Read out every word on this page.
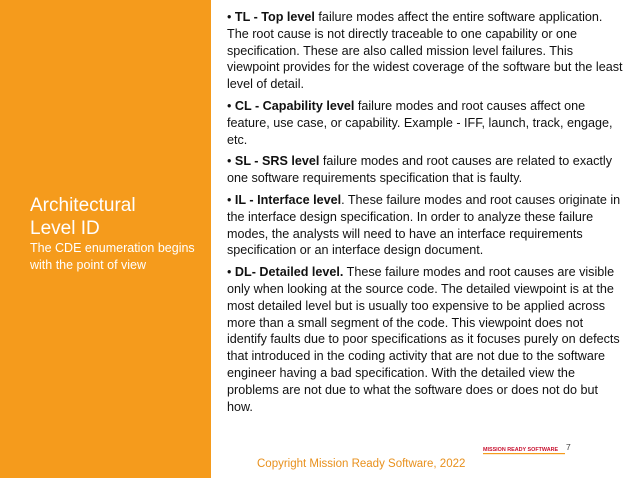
Architectural
Level ID
The CDE enumeration begins with the point of view

• TL - Top level failure modes affect the entire software application. The root cause is not directly traceable to one capability or one specification. These are also called mission level failures. This viewpoint provides for the widest coverage of the software but the least level of detail.

• CL - Capability level failure modes and root causes affect one feature, use case, or capability. Example - IFF, launch, track, engage, etc.

• SL - SRS level failure modes and root causes are related to exactly one software requirements specification that is faulty.

• IL - Interface level. These failure modes and root causes originate in the interface design specification. In order to analyze these failure modes, the analysts will need to have an interface requirements specification or an interface design document.

• DL- Detailed level. These failure modes and root causes are visible only when looking at the source code. The detailed viewpoint is at the most detailed level but is usually too expensive to be applied across more than a small segment of the code. This viewpoint does not identify faults due to poor specifications as it focuses purely on defects that introduced in the coding activity that are not due to the software engineer having a bad specification. With the detailed view the problems are not due to what the software does or does not do but how.

Copyright Mission Ready Software, 2022
MISSION READY SOFTWARE 7
